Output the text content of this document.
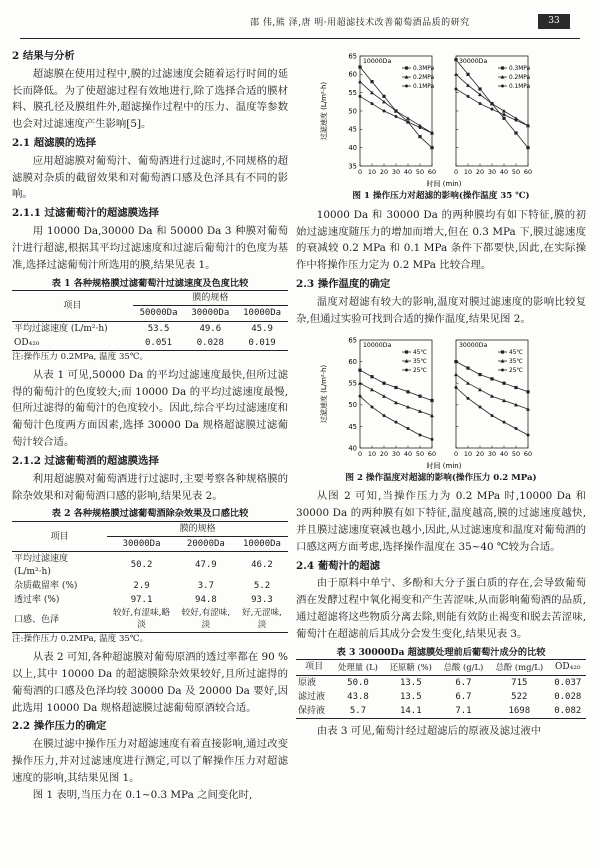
邵 伟,熊 泽,唐 明·用超滤技术改善葡萄酒品质的研究	33
2 结果与分析

超滤膜在使用过程中,膜的过滤速度会随着运行时间的延长而降低。为了使超滤过程有效地进行,除了选择合适的膜材料、膜孔径及膜组件外,超滤操作过程中的压力、温度等参数也会对过滤速度产生影响[5]。

2.1 超滤膜的选择

应用超滤膜对葡萄汁、葡萄酒进行过滤时,不同规格的超滤膜对杂质的截留效果和对葡萄酒口感及色泽具有不同的影响。

2.1.1 过滤葡萄汁的超滤膜选择

用 10000 Da,30000 Da 和 50000 Da 3 种膜对葡萄汁进行超滤,根据其平均过滤速度和过滤后葡萄汁的色度为基准,选择过滤葡萄汁所选用的膜,结果见表 1。

表 1 各种规格膜过滤葡萄汁过滤速度及色度比较
项目	膜的规格		
	50000Da	30000Da	10000Da
平均过滤速度 (L/m²·h)	53.5	49.6	45.9
OD₄₂₀	0.051	0.028	0.019
注:操作压力 0.2MPa, 温度 35℃。

从表 1 可见,50000 Da 的平均过滤速度最快,但所过滤得的葡萄汁的色度较大;而 10000 Da 的平均过滤速度最慢,但所过滤得的葡萄汁的色度较小。因此,综合平均过滤速度和葡萄汁色度两方面因素,选择 30000 Da 规格超滤膜过滤葡萄汁较合适。

2.1.2 过滤葡萄酒的超滤膜选择

利用超滤膜对葡萄酒进行过滤时,主要考察各种规格膜的除杂效果和对葡萄酒口感的影响,结果见表 2。

表 2 各种规格膜过滤葡萄酒除杂效果及口感比较
项目	膜的规格		
	30000Da	20000Da	10000Da
平均过滤速度 (L/m²·h)	50.2	47.9	46.2
杂质截留率 (%)	2.9	3.7	5.2
透过率 (%)	97.1	94.8	93.3
口感、色泽	较好,有涩味,略淡	较好,有涩味,淡	好,无涩味,淡
注:操作压力 0.2MPa, 温度 35℃。

从表 2 可知,各种超滤膜对葡萄原酒的透过率都在 90 %以上,其中 10000 Da 的超滤膜除杂效果较好,且所过滤得的葡萄酒的口感及色泽均较 30000 Da 及 20000 Da 要好,因此选用 10000 Da 规格超滤膜过滤葡萄原酒较合适。

2.2 操作压力的确定

在膜过滤中操作压力对超滤速度有着直接影响,通过改变操作压力,并对过滤速度进行测定,可以了解操作压力对超滤速度的影响,其结果见图 1。

图 1 表明,当压力在 0.1~0.3 MPa 之间变化时,

过滤速度 (L/m²·h)
35
40
45
50
55
60
65
时间 (min)
0 10 20 30 40 50 60
10000Da
0.3MPa
0.2MPa
0.1MPa
0 10 20 30 40 50 60
30000Da
0.3MPa
0.2MPa
0.1MPa
图 1 操作压力对超滤的影响(操作温度 35 ℃)

10000 Da 和 30000 Da 的两种膜均有如下特征,膜的初始过滤速度随压力的增加而增大,但在 0.3 MPa 下,膜过滤速度的衰减较 0.2 MPa 和 0.1 MPa 条件下都要快,因此,在实际操作中将操作压力定为 0.2 MPa 比较合理。

2.3 操作温度的确定

温度对超滤有较大的影响,温度对膜过滤速度的影响比较复杂,但通过实验可找到合适的操作温度,结果见图 2。

过滤速度 (L/m²·h)
40
45
50
55
60
65
时间 (min)
0 10 20 30 40 50 60
10000Da
45℃
35℃
25℃
0 10 20 30 40 50 60
30000Da
45℃
35℃
25℃
图 2 操作温度对超滤的影响(操作压力 0.2 MPa)

从图 2 可知,当操作压力为 0.2 MPa 时,10000 Da 和 30000 Da 的两种膜有如下特征,温度越高,膜的过滤速度越快,并且膜过滤速度衰减也越小,因此,从过滤速度和温度对葡萄酒的口感这两方面考虑,选择操作温度在 35~40 ℃较为合适。

2.4 葡萄汁的超滤

由于原料中单宁、多酚和大分子蛋白质的存在,会导致葡萄酒在发酵过程中氧化褐变和产生苦涩味,从而影响葡萄酒的品质,通过超滤将这些物质分离去除,则能有效防止褐变和脱去苦涩味,葡萄汁在超滤前后其成分会发生变化,结果见表 3。

表 3 30000Da 超滤膜处理前后葡萄汁成分的比较
项目	处理量 (L)	还原糖 (%)	总酸 (g/L)	总酚 (mg/L)	OD₄₂₀
原液	50.0	13.5	6.7	715	0.037
滤过液	43.8	13.5	6.7	522	0.028
保持液	5.7	14.1	7.1	1698	0.082

由表 3 可见,葡萄汁经过超滤后的原液及滤过液中
